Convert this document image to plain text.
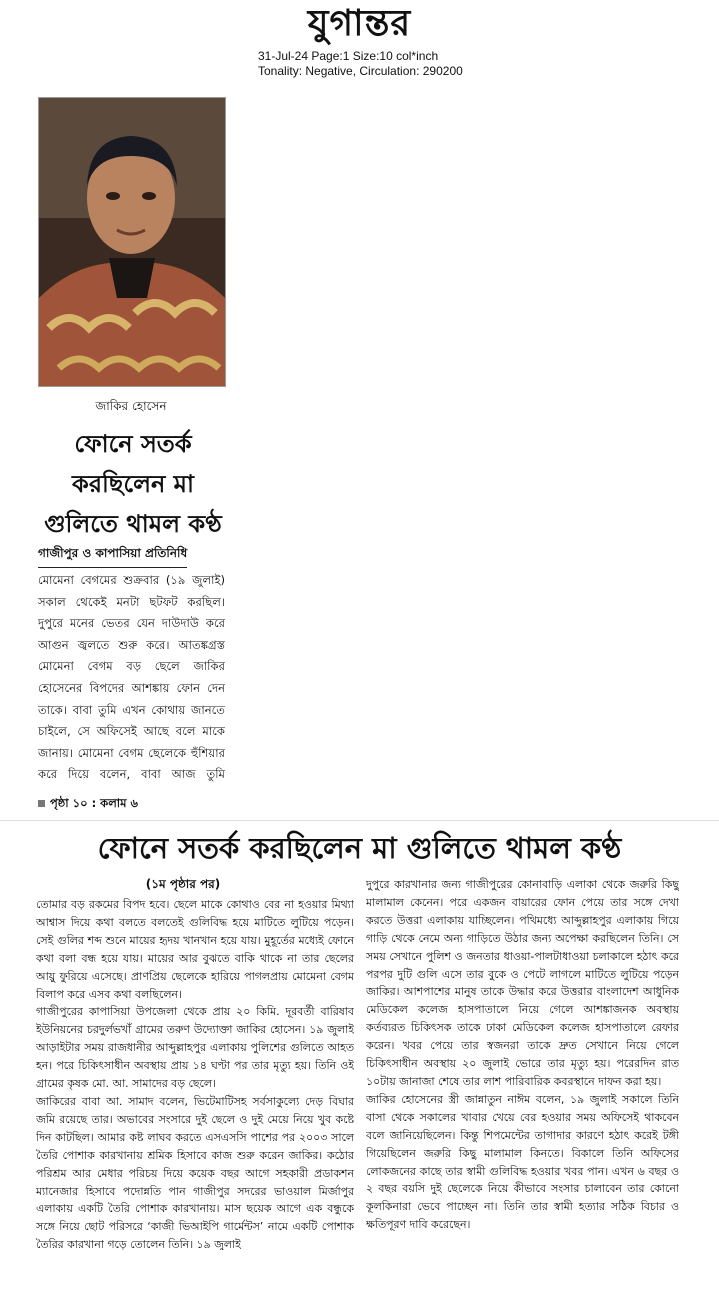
যুগান্তর
31-Jul-24 Page:1 Size:10 col*inch
Tonality: Negative, Circulation: 290200
জাকির হোসেন
ফোনে সতর্ক
করছিলেন মা
গুলিতে থামল কণ্ঠ
গাজীপুর ও কাপাসিয়া প্রতিনিধি

মোমেনা বেগমের শুক্রবার (১৯ জুলাই) সকাল থেকেই মনটা ছটফট করছিল। দুপুরে মনের ভেতর যেন দাউদাউ করে আগুন জ্বলতে শুরু করে। আতঙ্কগ্রস্ত মোমেনা বেগম বড় ছেলে জাকির হোসেনের বিপদের আশঙ্কায় ফোন দেন তাকে। বাবা তুমি এখন কোথায় জানতে চাইলে, সে অফিসেই আছে বলে মাকে জানায়। মোমেনা বেগম ছেলেকে হুঁশিয়ার করে দিয়ে বলেন, বাবা আজ তুমি

পৃষ্ঠা ১০ : কলাম ৬
ফোনে সতর্ক করছিলেন মা গুলিতে থামল কণ্ঠ
(১ম পৃষ্ঠার পর)

তোমার বড় রকমের বিপদ হবে। ছেলে মাকে কোথাও বের না হওয়ার মিথ্যা আশ্বাস দিয়ে কথা বলতে বলতেই গুলিবিদ্ধ হয়ে মাটিতে লুটিয়ে পড়েন। সেই গুলির শব্দ শুনে মায়ের হৃদয় খানখান হয়ে যায়। মুহূর্তের মধ্যেই ফোনে কথা বলা বন্ধ হয়ে যায়। মায়ের আর বুঝতে বাকি থাকে না তার ছেলের আয়ু ফুরিয়ে এসেছে। প্রাণপ্রিয় ছেলেকে হারিয়ে পাগলপ্রায় মোমেনা বেগম বিলাপ করে এসব কথা বলছিলেন।

গাজীপুরের কাপাসিয়া উপজেলা থেকে প্রায় ২০ কিমি. দূরবর্তী বারিষাব ইউনিয়নের চরদুর্লভখাঁ গ্রামের তরুণ উদ্যোক্তা জাকির হোসেন। ১৯ জুলাই আড়াইটার সময় রাজধানীর আব্দুল্লাহপুর এলাকায় পুলিশের গুলিতে আহত হন। পরে চিকিৎসাধীন অবস্থায় প্রায় ১৪ ঘণ্টা পর তার মৃত্যু হয়। তিনি ওই গ্রামের কৃষক মো. আ. সামাদের বড় ছেলে।

জাকিরের বাবা আ. সামাদ বলেন, ভিটেমাটিসহ সর্বসাকুল্যে দেড় বিঘার জমি রয়েছে তার। অভাবের সংসারে দুই ছেলে ও দুই মেয়ে নিয়ে খুব কষ্টে দিন কাটছিল। আমার কষ্ট লাঘব করতে এসএসসি পাশের পর ২০০৩ সালে তৈরি পোশাক কারখানায় শ্রমিক হিসাবে কাজ শুরু করেন জাকির। কঠোর পরিশ্রম আর মেধার পরিচয় দিয়ে কয়েক বছর আগে সহকারী প্রডাকশন ম্যানেজার হিসাবে পদোন্নতি পান গাজীপুর সদরের ভাওয়াল মির্জাপুর এলাকায় একটি তৈরি পোশাক কারখানায়। মাস ছয়েক আগে এক বন্ধুকে সঙ্গে নিয়ে ছোট পরিসরে ‘কাজী ভিআইপি গার্মেন্টস’ নামে একটি পোশাক তৈরির কারখানা গড়ে তোলেন তিনি। ১৯ জুলাই

দুপুরে কারখানার জন্য গাজীপুরের কোনাবাড়ি এলাকা থেকে জরুরি কিছু মালামাল কেনেন। পরে একজন বায়ারের ফোন পেয়ে তার সঙ্গে দেখা করতে উত্তরা এলাকায় যাচ্ছিলেন। পথিমধ্যে আব্দুল্লাহপুর এলাকায় গিয়ে গাড়ি থেকে নেমে অন্য গাড়িতে উঠার জন্য অপেক্ষা করছিলেন তিনি। সে সময় সেখানে পুলিশ ও জনতার ধাওয়া-পালটাধাওয়া চলাকালে হঠাৎ করে পরপর দুটি গুলি এসে তার বুকে ও পেটে লাগলে মাটিতে লুটিয়ে পড়েন জাকির। আশপাশের মানুষ তাকে উদ্ধার করে উত্তরার বাংলাদেশ আধুনিক মেডিকেল কলেজ হাসপাতালে নিয়ে গেলে আশঙ্কাজনক অবস্থায় কর্তব্যরত চিকিৎসক তাকে ঢাকা মেডিকেল কলেজ হাসপাতালে রেফার করেন। খবর পেয়ে তার স্বজনরা তাকে দ্রুত সেখানে নিয়ে গেলে চিকিৎসাধীন অবস্থায় ২০ জুলাই ভোরে তার মৃত্যু হয়। পরেরদিন রাত ১০টায় জানাজা শেষে তার লাশ পারিবারিক কবরস্থানে দাফন করা হয়।

জাকির হোসেনের স্ত্রী জান্নাতুন নাঈম বলেন, ১৯ জুলাই সকালে তিনি বাসা থেকে সকালের খাবার খেয়ে বের হওয়ার সময় অফিসেই থাকবেন বলে জানিয়েছিলেন। কিন্তু শিপমেন্টের তাগাদার কারণে হঠাৎ করেই টঙ্গী গিয়েছিলেন জরুরি কিছু মালামাল কিনতে। বিকালে তিনি অফিসের লোকজনের কাছে তার স্বামী গুলিবিদ্ধ হওয়ার খবর পান। এখন ৬ বছর ও ২ বছর বয়সি দুই ছেলেকে নিয়ে কীভাবে সংসার চালাবেন তার কোনো কূলকিনারা ভেবে পাচ্ছেন না। তিনি তার স্বামী হত্যার সঠিক বিচার ও ক্ষতিপূরণ দাবি করেছেন।
